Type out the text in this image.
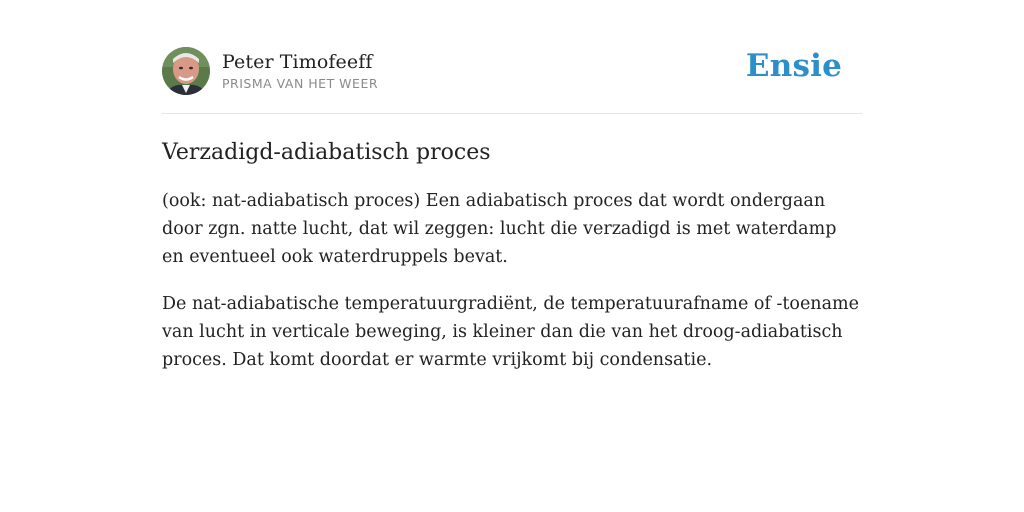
Peter Timofeeff
PRISMA VAN HET WEER	Ensie
Verzadigd-adiabatisch proces

(ook: nat-adiabatisch proces) Een adiabatisch proces dat wordt ondergaan door zgn. natte lucht, dat wil zeggen: lucht die verzadigd is met waterdamp en eventueel ook waterdruppels bevat.

De nat-adiabatische temperatuurgradiënt, de temperatuurafname of -toename van lucht in verticale beweging, is kleiner dan die van het droog-adiabatisch proces. Dat komt doordat er warmte vrijkomt bij condensatie.
